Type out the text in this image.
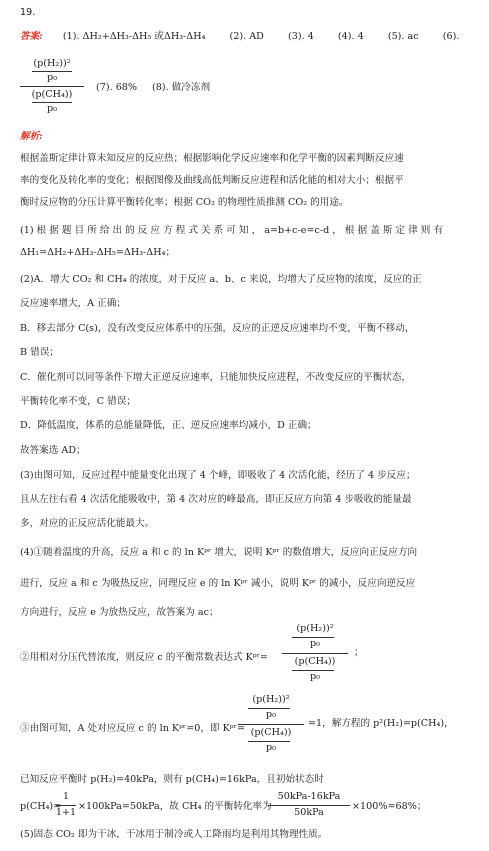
19.
答案: (1). ΔH₂+ΔH₃-ΔH₅ 或ΔH₃-ΔH₄	(2). AD	(3). 4	(4). 4	(5). ac	(6).
(p(H₂))²
p₀
(p(CH₄))
p₀
(7). 68% (8). 做冷冻剂
解析:
根据盖斯定律计算未知反应的反应热；根据影响化学反应速率和化学平衡的因素判断反应速
率的变化及转化率的变化；根据图像及曲线高低判断反应进程和活化能的相对大小；根据平
衡时反应物的分压计算平衡转化率；根据 CO₂ 的物理性质推测 CO₂ 的用途。
(1) 根 据 题 目 所 给 出 的 反 应 方 程 式 关 系 可 知 ， a=b+c-e=c-d ， 根 据 盖 斯 定 律 则 有
ΔH₁=ΔH₂+ΔH₃-ΔH₅=ΔH₃-ΔH₄；
(2)A．增大 CO₂ 和 CH₄ 的浓度，对于反应 a、b、c 来说，均增大了反应物的浓度，反应的正
反应速率增大，A 正确；
B．移去部分 C(s)，没有改变反应体系中的压强，反应的正逆反应速率均不变，平衡不移动，
B 错误；
C．催化剂可以同等条件下增大正逆反应速率，只能加快反应进程，不改变反应的平衡状态，
平衡转化率不变，C 错误；
D．降低温度，体系的总能量降低，正、逆反应速率均减小，D 正确；
故答案选 AD；
(3)由图可知，反应过程中能量变化出现了 4 个峰，即吸收了 4 次活化能，经历了 4 步反应；
且从左往右看 4 次活化能吸收中，第 4 次对应的峰最高，即正反应方向第 4 步吸收的能量最
多，对应的正反应活化能最大。
(4)①随着温度的升高，反应 a 和 c 的 ln Kᵖʳ 增大，说明 Kᵖʳ 的数值增大，反应向正反应方向
进行，反应 a 和 c 为吸热反应，同理反应 e 的 ln Kᵖʳ 减小，说明 Kᵖʳ 的减小，反应向逆反应
方向进行，反应 e 为放热反应，故答案为 ac；
②用相对分压代替浓度，则反应 c 的平衡常数表达式 Kᵖʳ=
(p(H₂))²
p₀
(p(CH₄))
p₀
；
③由图可知，A 处对应反应 c 的 ln Kᵖʳ=0，即 Kᵖʳ=
(p(H₂))²
p₀
(p(CH₄))
p₀
=1，解方程的 p²(H₂)=p(CH₄)，
已知反应平衡时 p(H₂)=40kPa，则有 p(CH₄)=16kPa，且初始状态时
p(CH₄)=
1
1+1
×100kPa=50kPa，故 CH₄ 的平衡转化率为
50kPa-16kPa
50kPa
×100%=68%；
(5)固态 CO₂ 即为干冰，干冰用于制冷或人工降雨均是利用其物理性质。
